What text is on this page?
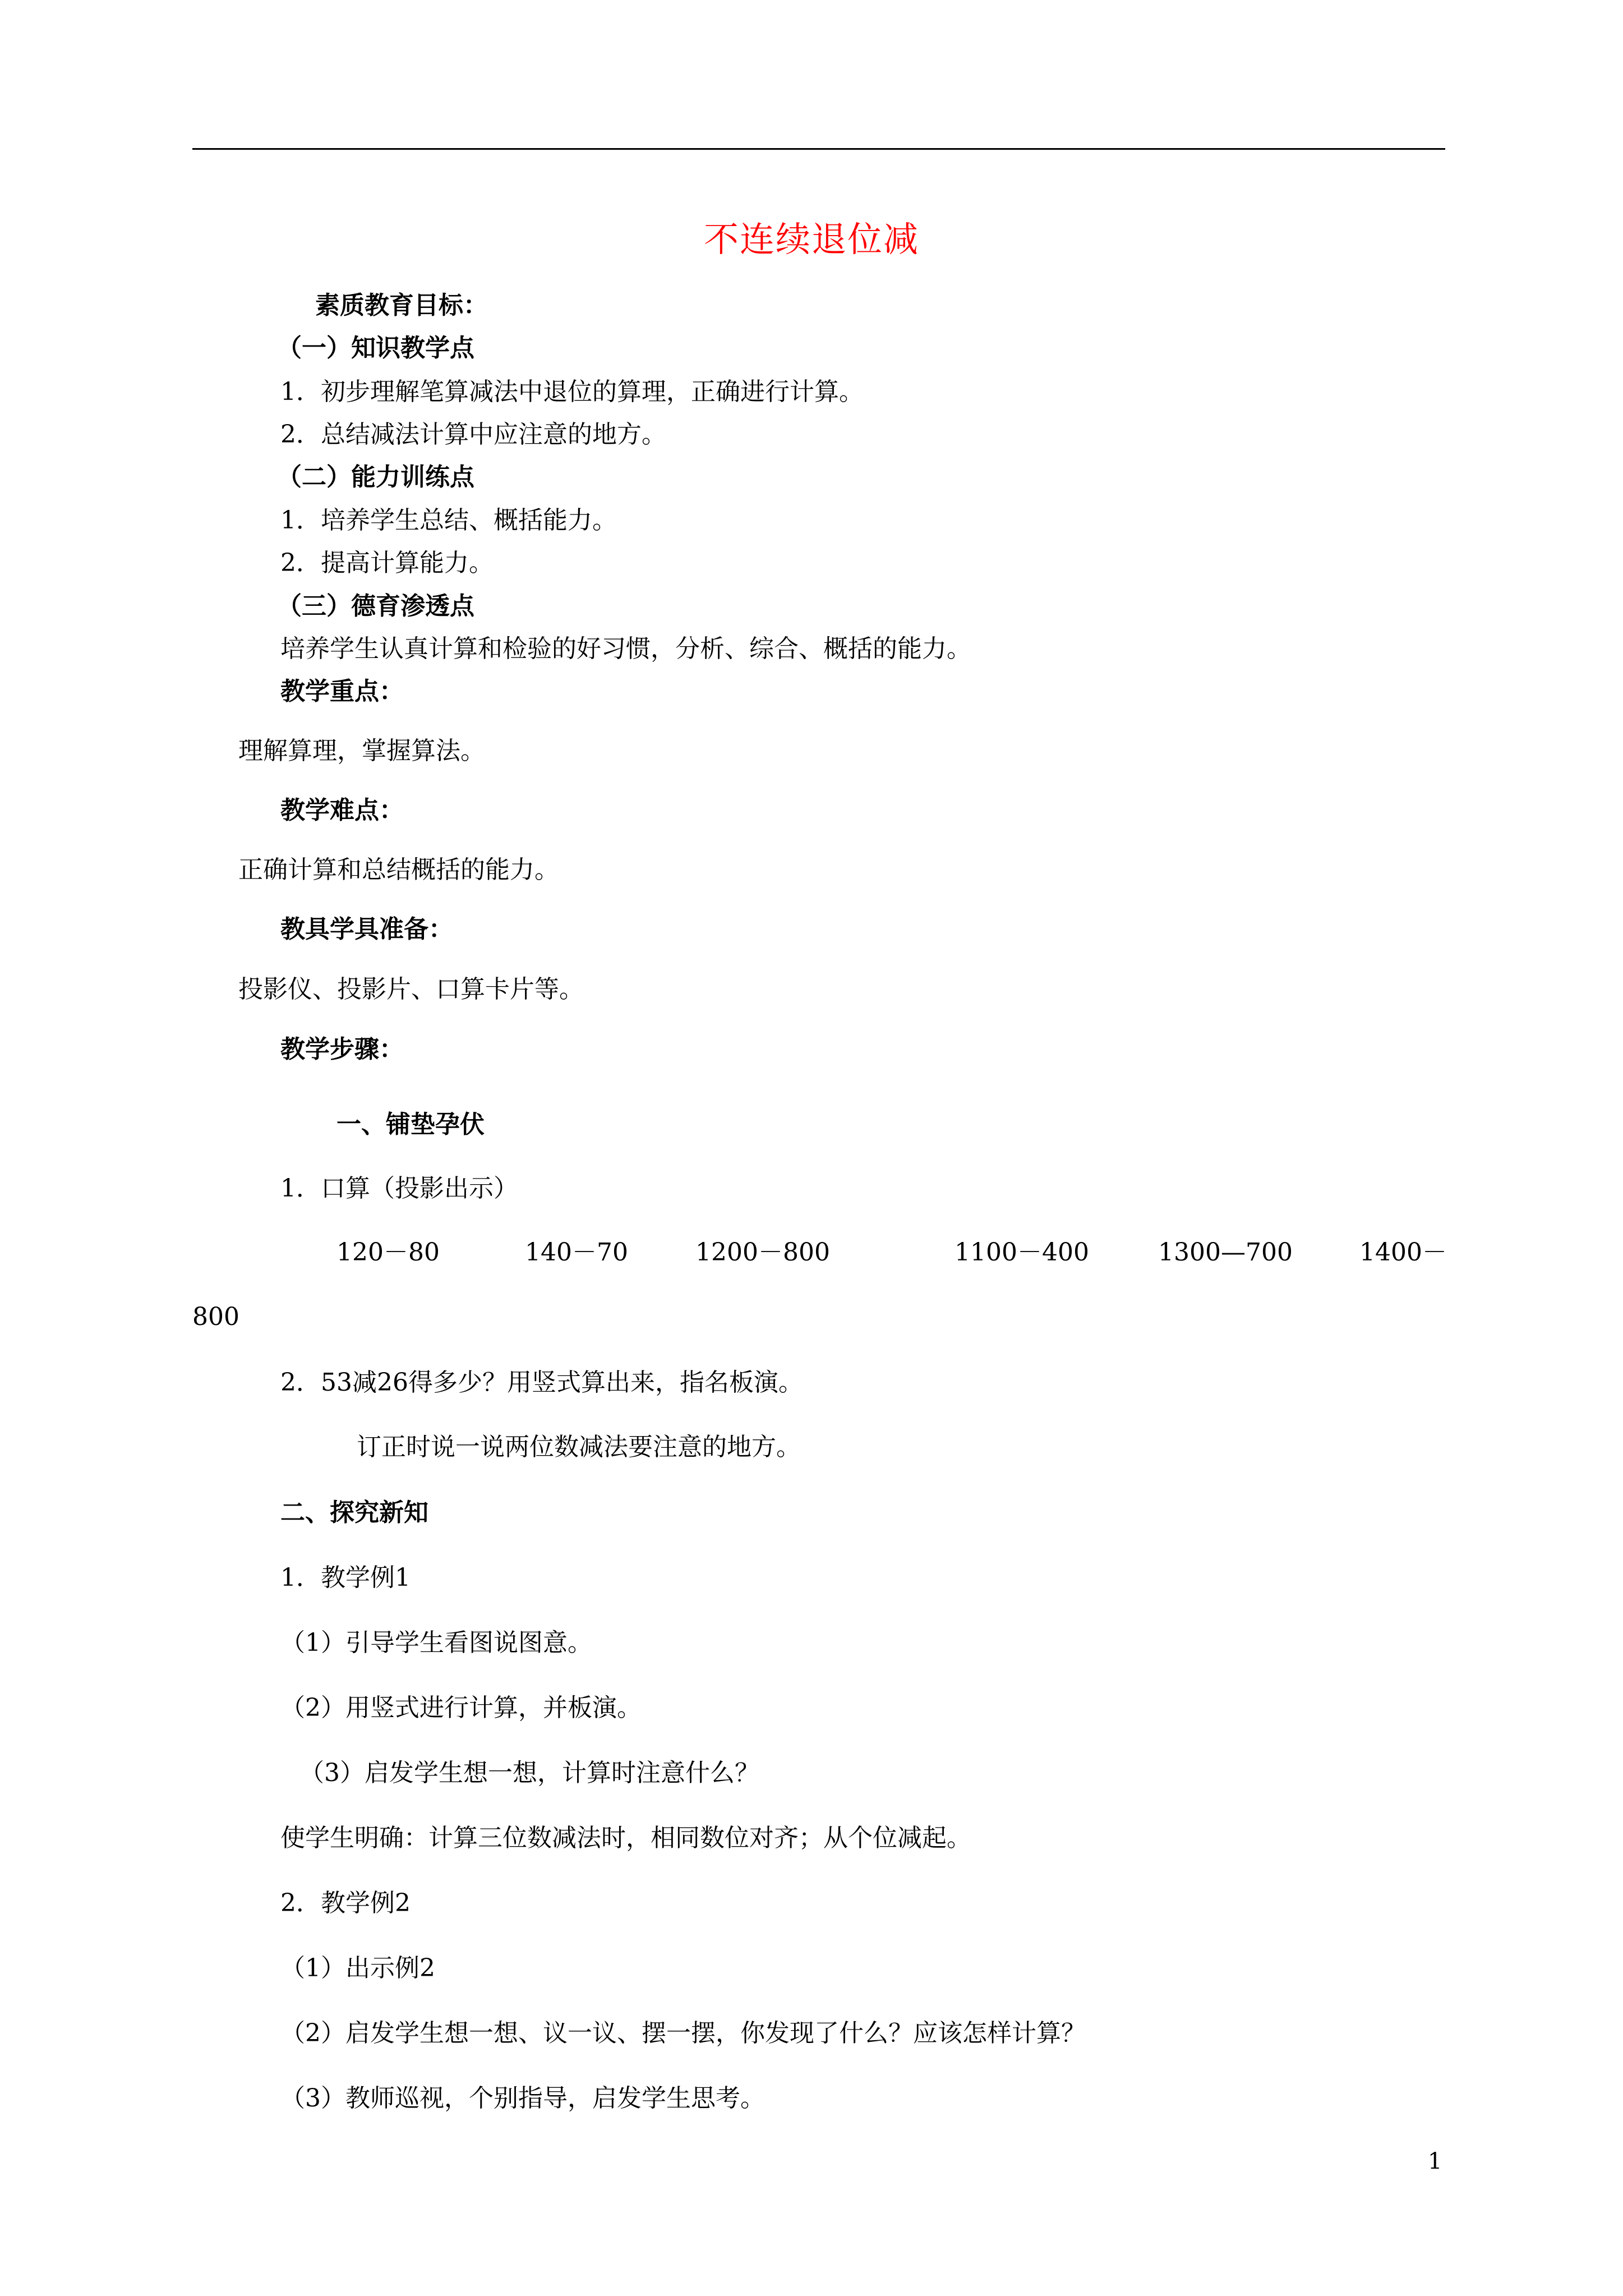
不连续退位减
素质教育目标：
（一）知识教学点
1．初步理解笔算减法中退位的算理，正确进行计算。
2．总结减法计算中应注意的地方。
（二）能力训练点
1．培养学生总结、概括能力。
2．提高计算能力。
（三）德育渗透点
培养学生认真计算和检验的好习惯，分析、综合、概括的能力。
教学重点：
理解算理，掌握算法。
教学难点：
正确计算和总结概括的能力。
教具学具准备：
投影仪、投影片、口算卡片等。
教学步骤：
一、铺垫孕伏
1．口算（投影出示）
120－80	140－70	1200－800	1100－400	1300—700	1400－
800
2．53减26得多少？用竖式算出来，指名板演。
订正时说一说两位数减法要注意的地方。
二、探究新知
1．教学例1
（1）引导学生看图说图意。
（2）用竖式进行计算，并板演。
（3）启发学生想一想，计算时注意什么？
使学生明确：计算三位数减法时，相同数位对齐；从个位减起。
2．教学例2
（1）出示例2
（2）启发学生想一想、议一议、摆一摆，你发现了什么？应该怎样计算？
（3）教师巡视，个别指导，启发学生思考。
1
